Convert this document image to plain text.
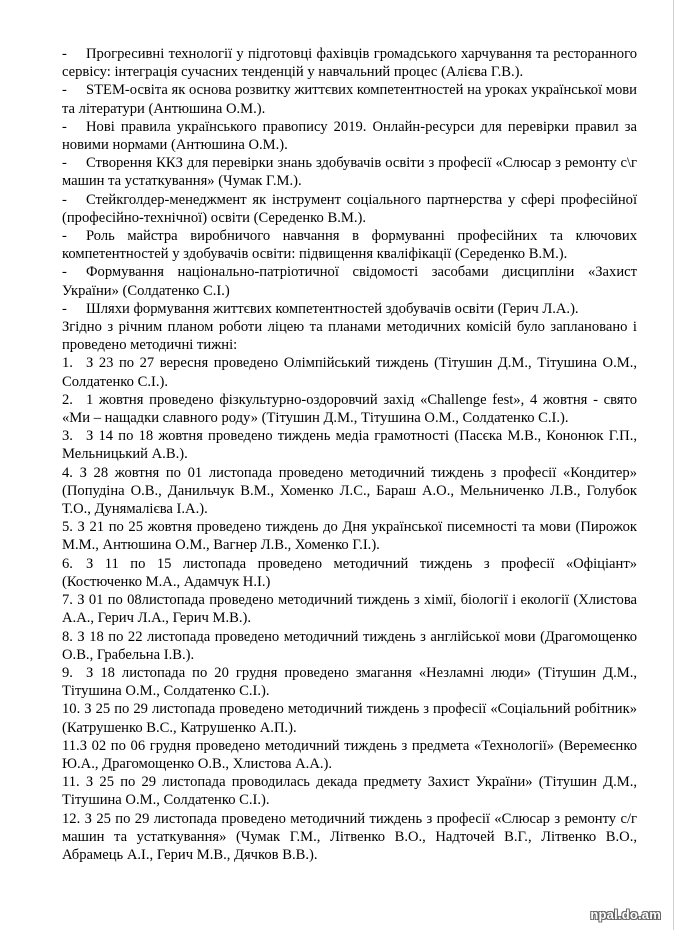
- Прогресивні технології у підготовці фахівців громадського харчування та ресторанного сервісу: інтеграція сучасних тенденцій у навчальний процес (Алієва Г.В.).

- STEM-освіта як основа розвитку життєвих компетентностей на уроках української мови та літератури (Антюшина О.М.).

- Нові правила українського правопису 2019. Онлайн-ресурси для перевірки правил за новими нормами (Антюшина О.М.).

- Створення ККЗ для перевірки знань здобувачів освіти з професії «Слюсар з ремонту с\г машин та устаткування» (Чумак Г.М.).

- Стейкголдер-менеджмент як інструмент соціального партнерства у сфері професійної (професійно-технічної) освіти (Середенко В.М.).

- Роль майстра виробничого навчання в формуванні професійних та ключових компетентностей у здобувачів освіти: підвищення кваліфікації (Середенко В.М.).

- Формування національно-патріотичної свідомості засобами дисципліни «Захист України» (Солдатенко С.І.)

- Шляхи формування життєвих компетентностей здобувачів освіти (Герич Л.А.).

Згідно з річним планом роботи ліцею та планами методичних комісій було заплановано і проведено методичні тижні:

1. З 23 по 27 вересня проведено Олімпійський тиждень (Тітушин Д.М., Тітушина О.М., Солдатенко С.І.).

2. 1 жовтня проведено фізкультурно-оздоровчий захід «Challenge fest», 4 жовтня - свято «Ми – нащадки славного роду» (Тітушин Д.М., Тітушина О.М., Солдатенко С.І.).

3. З 14 по 18 жовтня проведено тиждень медіа грамотності (Пасєка М.В., Кононюк Г.П., Мельницький А.В.).

4. З 28 жовтня по 01 листопада проведено методичний тиждень з професії «Кондитер» (Попудіна О.В., Данильчук В.М., Хоменко Л.С., Бараш А.О., Мельниченко Л.В., Голубок Т.О., Дунямалієва І.А.).

5. З 21 по 25 жовтня проведено тиждень до Дня української писемності та мови (Пирожок М.М., Антюшина О.М., Вагнер Л.В., Хоменко Г.І.).

6. З 11 по 15 листопада проведено методичний тиждень з професії «Офіціант» (Костюченко М.А., Адамчук Н.І.)

7. З 01 по 08листопада проведено методичний тиждень з хімії, біології і екології (Хлистова А.А., Герич Л.А., Герич М.В.).

8. З 18 по 22 листопада проведено методичний тиждень з англійської мови (Драгомощенко О.В., Грабельна І.В.).

9. З 18 листопада по 20 грудня проведено змагання «Незламні люди» (Тітушин Д.М., Тітушина О.М., Солдатенко С.І.).

10. З 25 по 29 листопада проведено методичний тиждень з професії «Соціальний робітник» (Катрушенко В.С., Катрушенко А.П.).

11.З 02 по 06 грудня проведено методичний тиждень з предмета «Технології» (Веремеєнко Ю.А., Драгомощенко О.В., Хлистова А.А.).

11. З 25 по 29 листопада проводилась декада предмету Захист України» (Тітушин Д.М., Тітушина О.М., Солдатенко С.І.).

12. З 25 по 29 листопада проведено методичний тиждень з професії «Слюсар з ремонту с/г машин та устаткування» (Чумак Г.М., Літвенко В.О., Надточей В.Г., Літвенко В.О., Абрамець А.І., Герич М.В., Дячков В.В.).

npal.do.am
